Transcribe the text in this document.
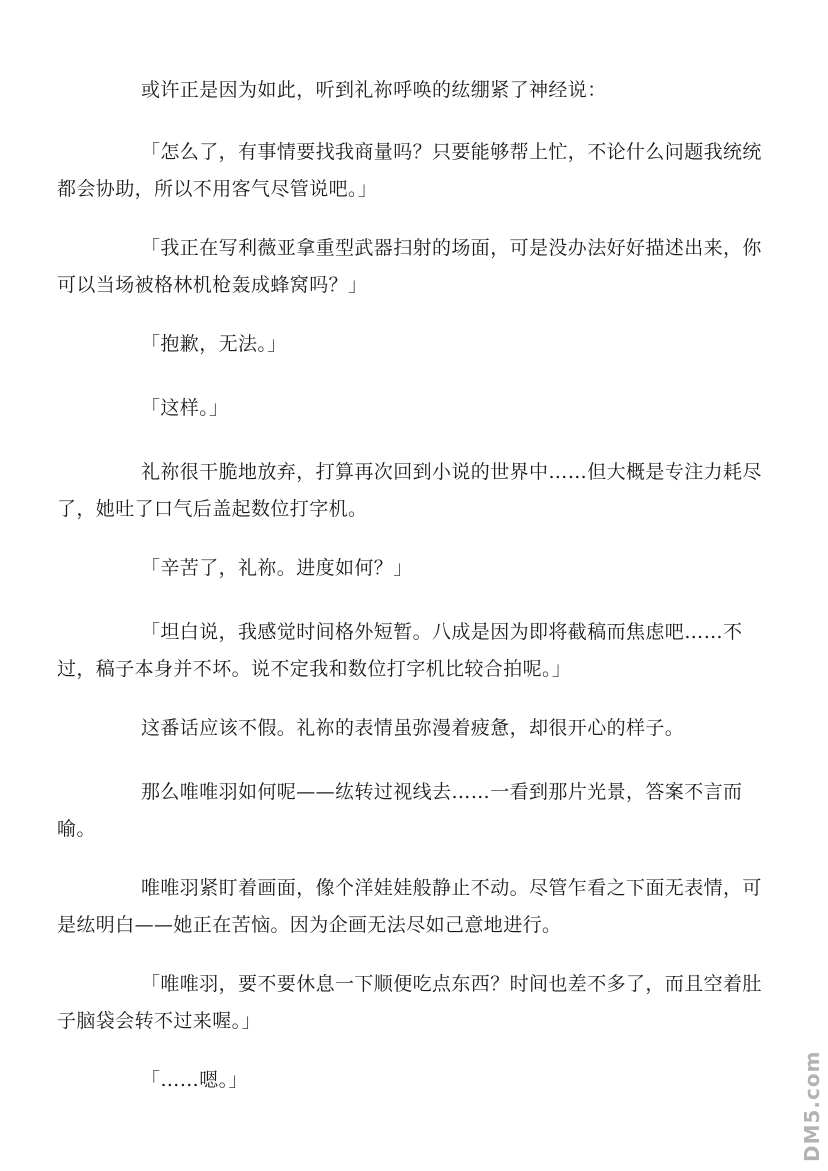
或许正是因为如此，听到礼祢呼唤的纮绷紧了神经说：

「怎么了，有事情要找我商量吗？只要能够帮上忙，不论什么问题我统统都会协助，所以不用客气尽管说吧。」

「我正在写利薇亚拿重型武器扫射的场面，可是没办法好好描述出来，你可以当场被格林机枪轰成蜂窝吗？」

「抱歉，无法。」

「这样。」

礼祢很干脆地放弃，打算再次回到小说的世界中……但大概是专注力耗尽了，她吐了口气后盖起数位打字机。

「辛苦了，礼祢。进度如何？」

「坦白说，我感觉时间格外短暂。八成是因为即将截稿而焦虑吧……不过，稿子本身并不坏。说不定我和数位打字机比较合拍呢。」

这番话应该不假。礼祢的表情虽弥漫着疲惫，却很开心的样子。

那么唯唯羽如何呢——纮转过视线去……一看到那片光景，答案不言而喻。

唯唯羽紧盯着画面，像个洋娃娃般静止不动。尽管乍看之下面无表情，可是纮明白——她正在苦恼。因为企画无法尽如己意地进行。

「唯唯羽，要不要休息一下顺便吃点东西？时间也差不多了，而且空着肚子脑袋会转不过来喔。」

「……嗯。」	DM5.com
